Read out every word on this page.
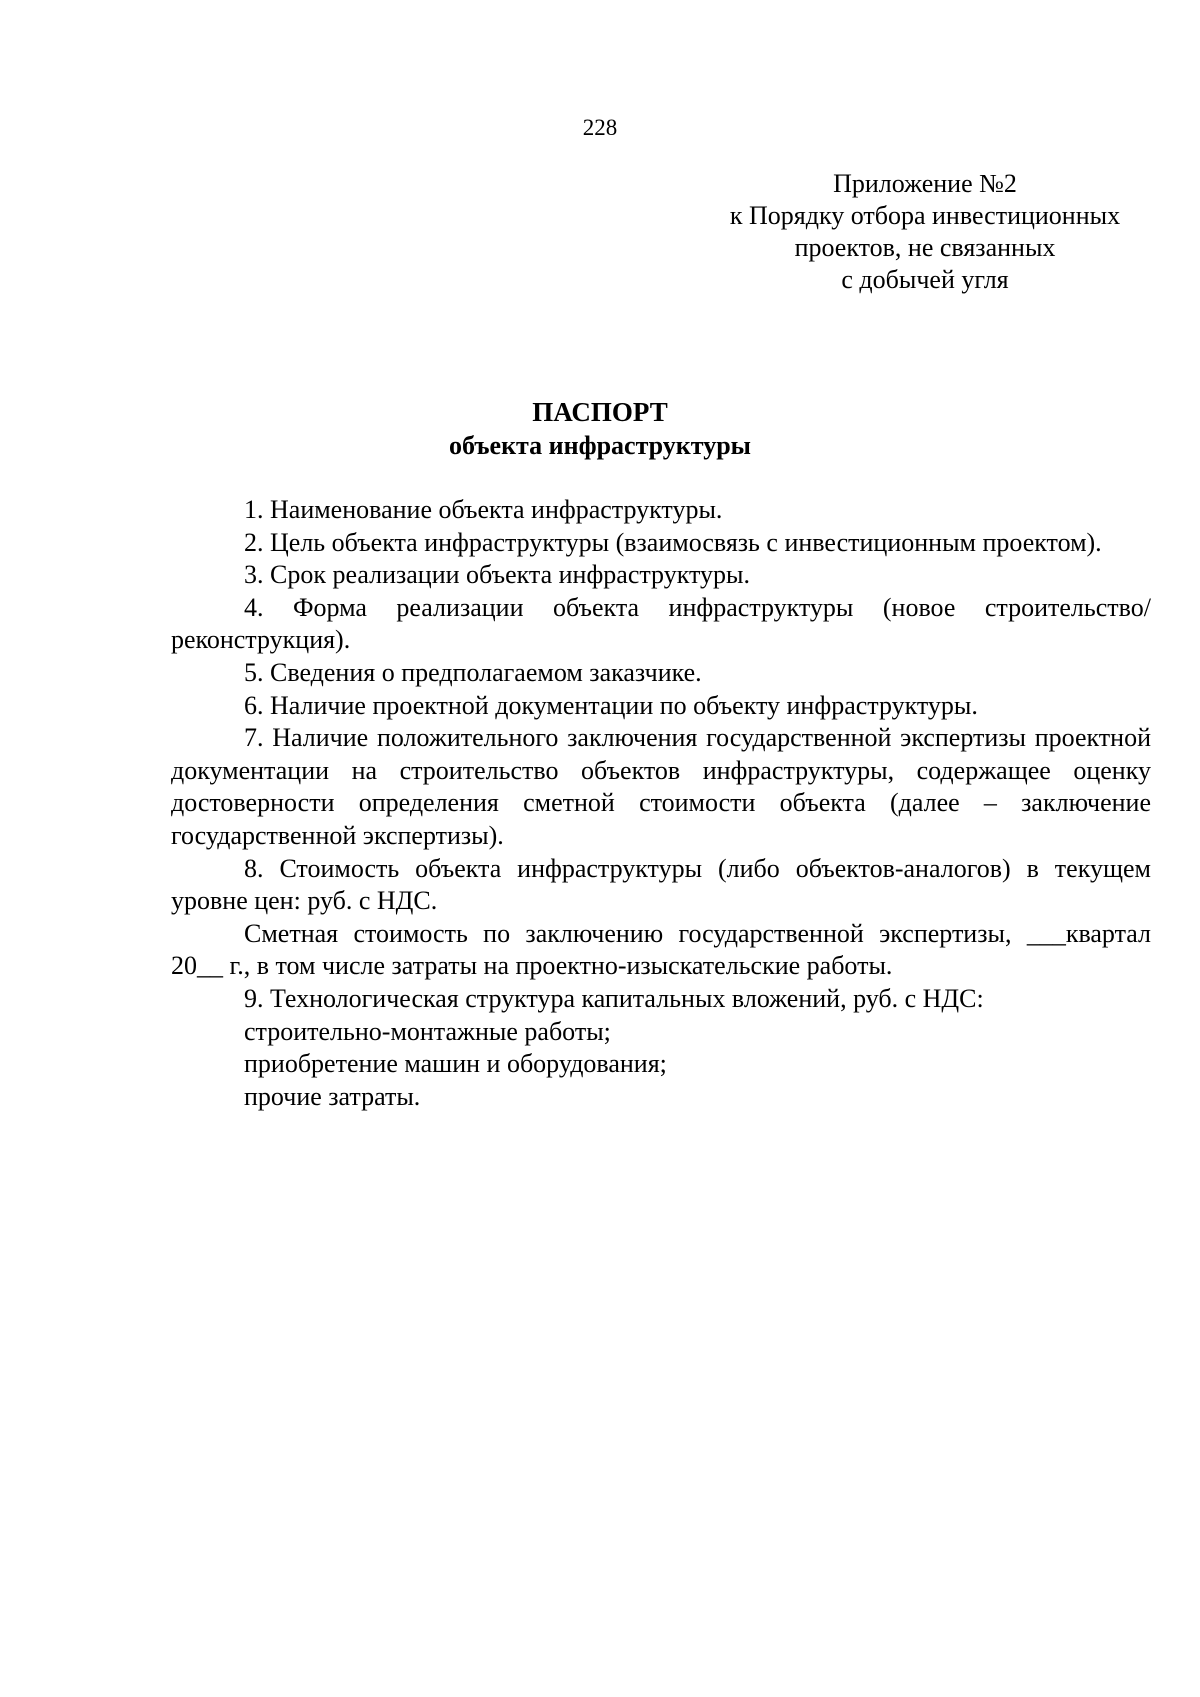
228
Приложение №2
к Порядку отбора инвестиционных
проектов, не связанных
с добычей угля
ПАСПОРТ
объекта инфраструктуры

1. Наименование объекта инфраструктуры.

2. Цель объекта инфраструктуры (взаимосвязь с инвестиционным проектом).

3. Срок реализации объекта инфраструктуры.

4. Форма реализации объекта инфраструктуры (новое строительство/реконструкция).

5. Сведения о предполагаемом заказчике.

6. Наличие проектной документации по объекту инфраструктуры.

7. Наличие положительного заключения государственной экспертизы проектной документации на строительство объектов инфраструктуры, содержащее оценку достоверности определения сметной стоимости объекта (далее – заключение государственной экспертизы).

8. Стоимость объекта инфраструктуры (либо объектов-аналогов) в текущем уровне цен: руб. с НДС.

Сметная стоимость по заключению государственной экспертизы, ___квартал 20__ г., в том числе затраты на проектно-изыскательские работы.

9. Технологическая структура капитальных вложений, руб. с НДС:

строительно-монтажные работы;

приобретение машин и оборудования;

прочие затраты.
